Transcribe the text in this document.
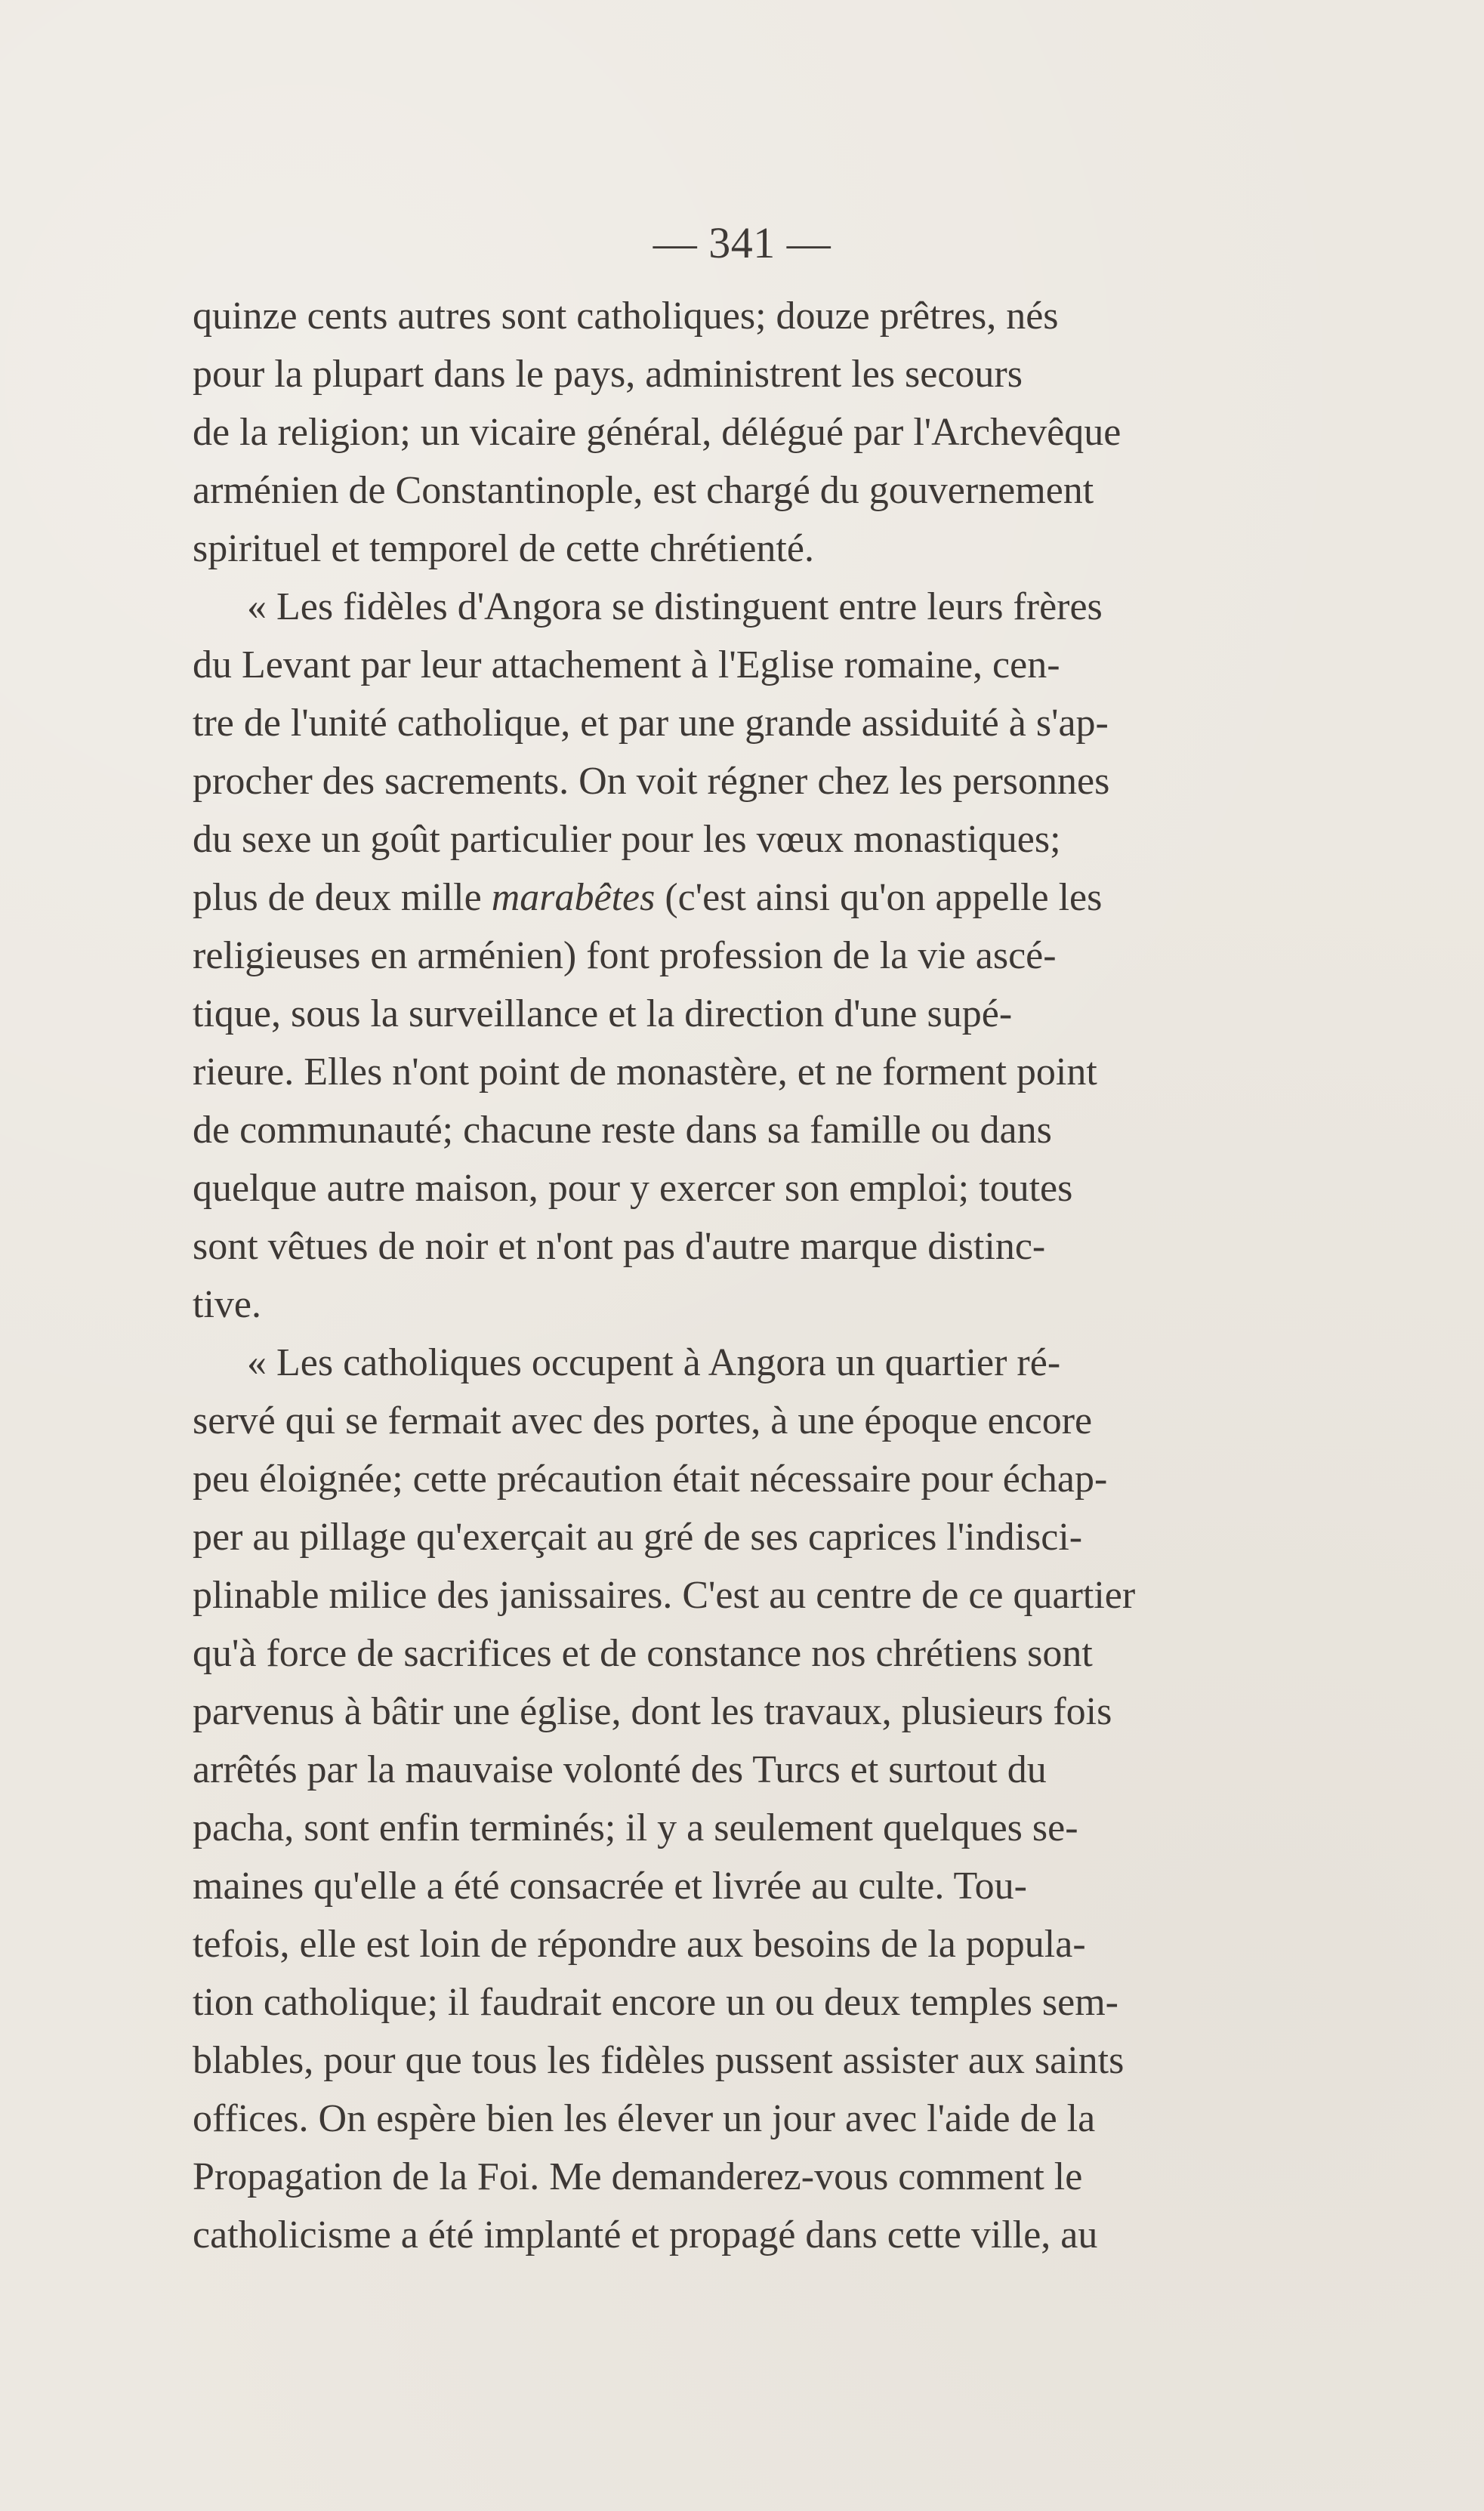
— 341 —
quinze cents autres sont catholiques; douze prêtres, nés
pour la plupart dans le pays, administrent les secours
de la religion; un vicaire général, délégué par l'Archevêque
arménien de Constantinople, est chargé du gouvernement
spirituel et temporel de cette chrétienté.
« Les fidèles d'Angora se distinguent entre leurs frères
du Levant par leur attachement à l'Eglise romaine, cen-
tre de l'unité catholique, et par une grande assiduité à s'ap-
procher des sacrements. On voit régner chez les personnes
du sexe un goût particulier pour les vœux monastiques;
plus de deux mille marabêtes (c'est ainsi qu'on appelle les
religieuses en arménien) font profession de la vie ascé-
tique, sous la surveillance et la direction d'une supé-
rieure. Elles n'ont point de monastère, et ne forment point
de communauté; chacune reste dans sa famille ou dans
quelque autre maison, pour y exercer son emploi; toutes
sont vêtues de noir et n'ont pas d'autre marque distinc-
tive.
« Les catholiques occupent à Angora un quartier ré-
servé qui se fermait avec des portes, à une époque encore
peu éloignée; cette précaution était nécessaire pour échap-
per au pillage qu'exerçait au gré de ses caprices l'indisci-
plinable milice des janissaires. C'est au centre de ce quartier
qu'à force de sacrifices et de constance nos chrétiens sont
parvenus à bâtir une église, dont les travaux, plusieurs fois
arrêtés par la mauvaise volonté des Turcs et surtout du
pacha, sont enfin terminés; il y a seulement quelques se-
maines qu'elle a été consacrée et livrée au culte. Tou-
tefois, elle est loin de répondre aux besoins de la popula-
tion catholique; il faudrait encore un ou deux temples sem-
blables, pour que tous les fidèles pussent assister aux saints
offices. On espère bien les élever un jour avec l'aide de la
Propagation de la Foi. Me demanderez-vous comment le
catholicisme a été implanté et propagé dans cette ville, au
